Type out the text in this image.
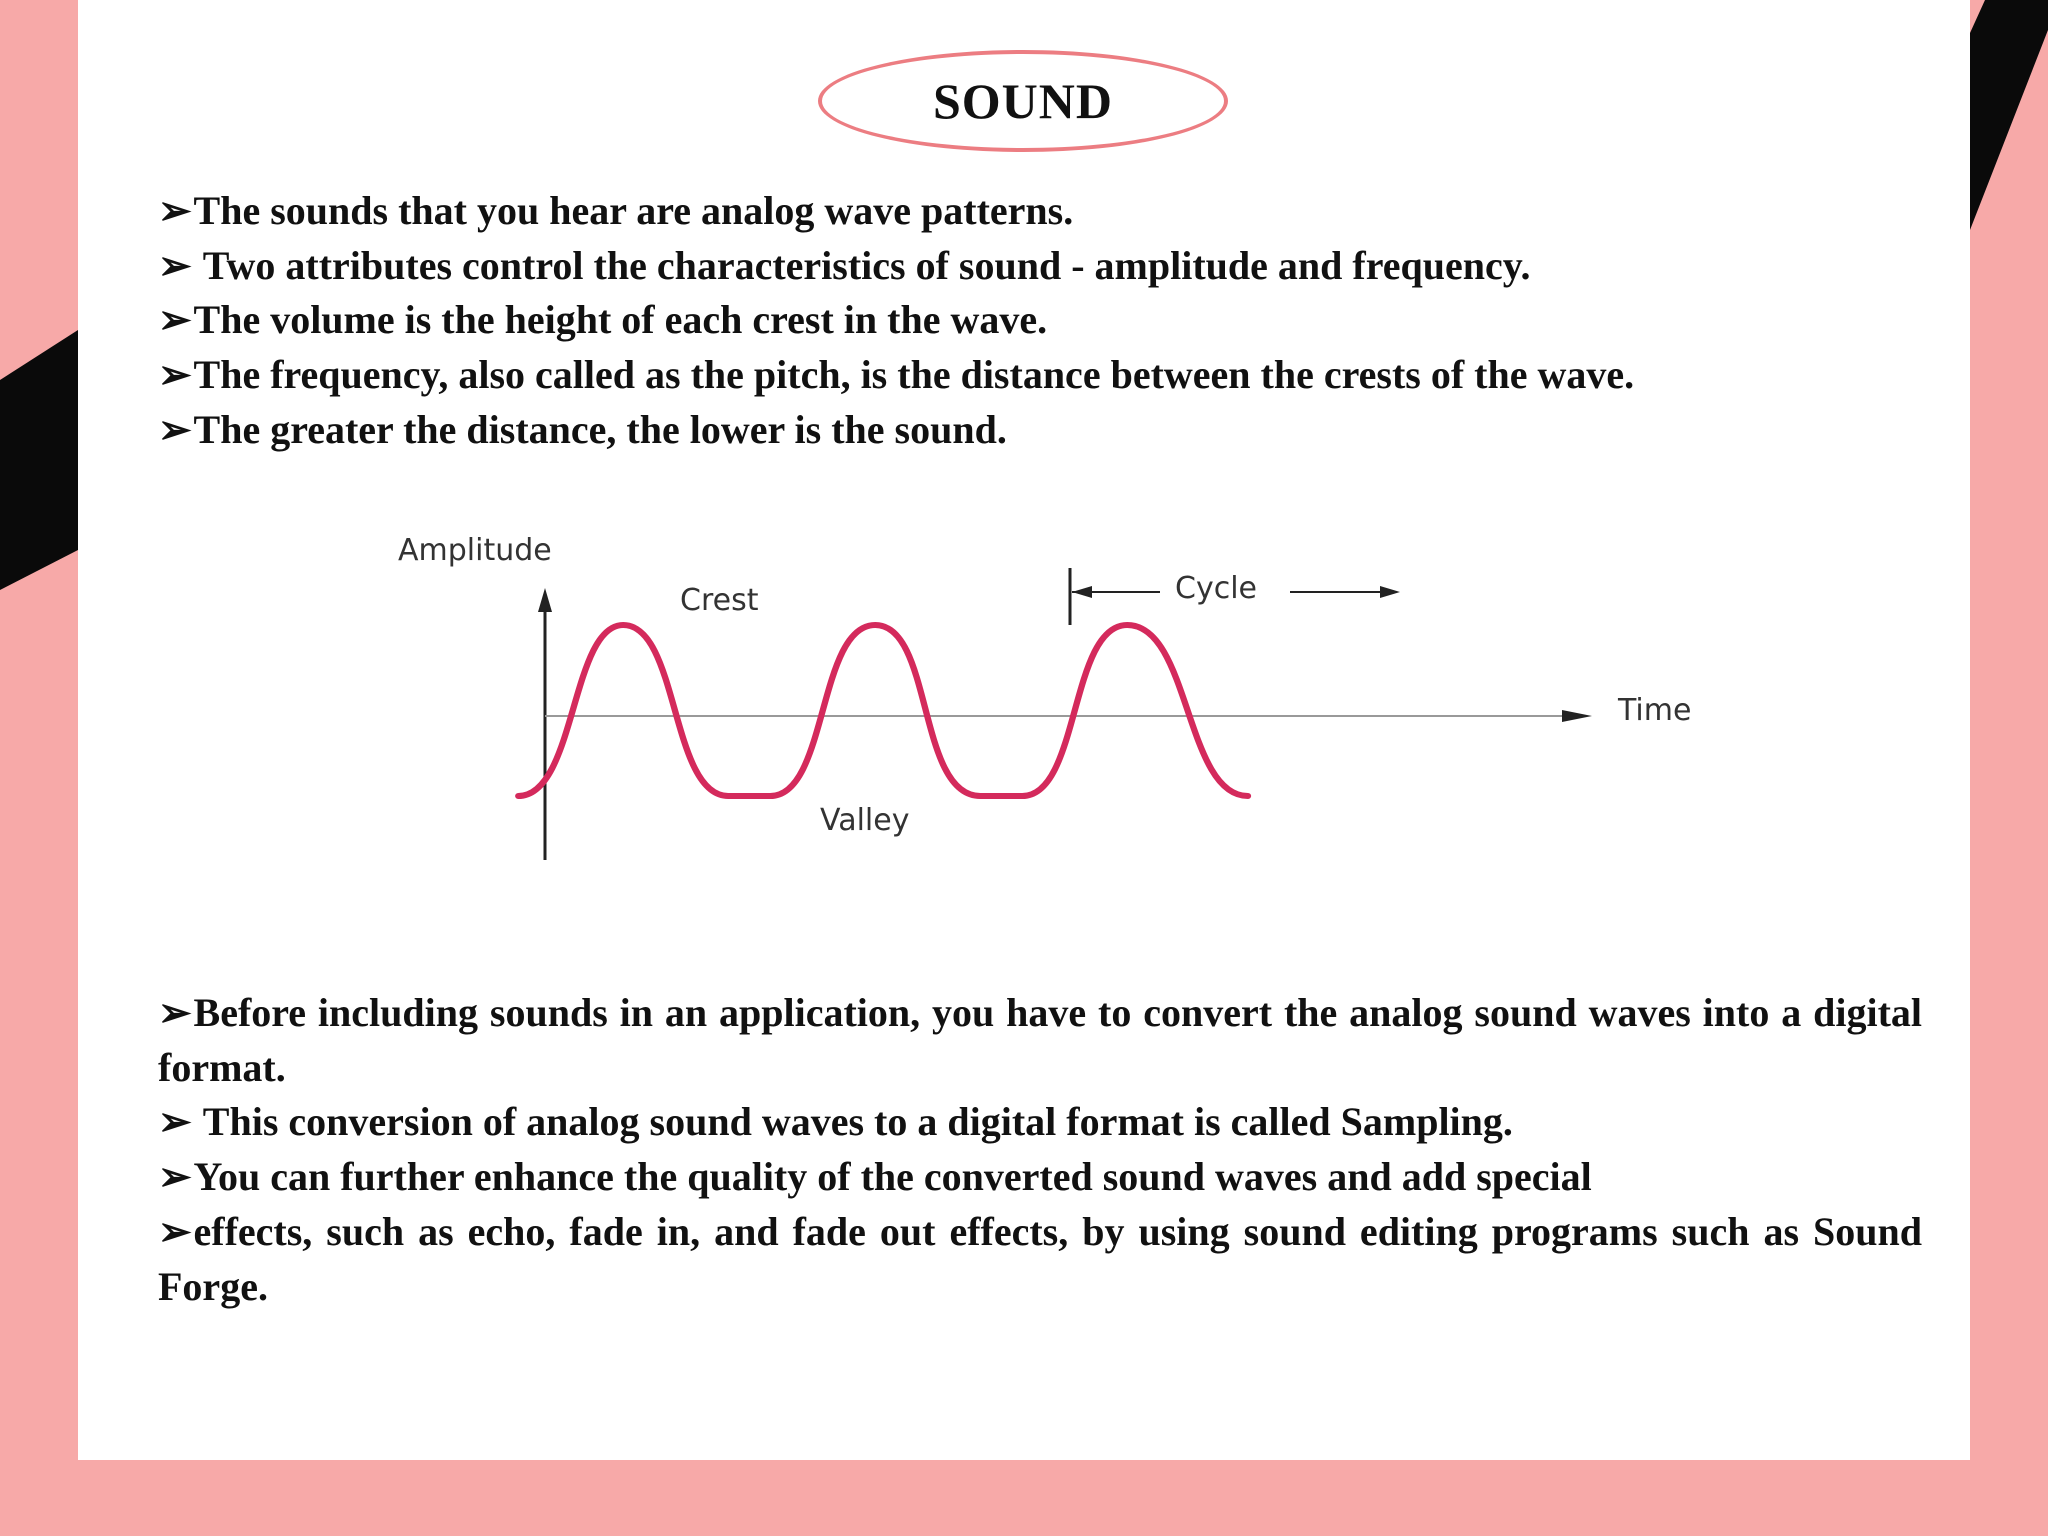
SOUND

➢The sounds that you hear are analog wave patterns.

➢ Two attributes control the characteristics of sound - amplitude and frequency.

➢The volume is the height of each crest in the wave.

➢The frequency, also called as the pitch, is the distance between the crests of the wave.

➢The greater the distance, the lower is the sound.

Amplitude
Time
Crest
Valley
Cycle

➢Before including sounds in an application, you have to convert the analog sound waves into a digital format.

➢ This conversion of analog sound waves to a digital format is called Sampling.

➢You can further enhance the quality of the converted sound waves and add special

➢effects, such as echo, fade in, and fade out effects, by using sound editing programs such as Sound Forge.
